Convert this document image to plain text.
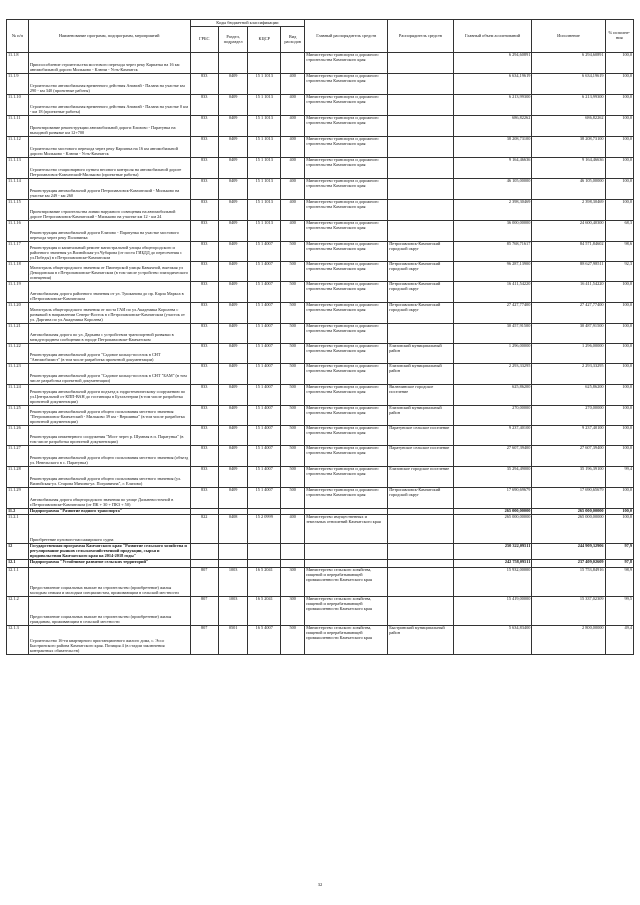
№ п/п	Наименование программ, подпрограмм, мероприятий	Коды бюджетной классификации				Главный распорядитель средств	Распорядитель средств	Главный объем ассигнований	Исполнение	% исполне-ния
		ГРБС	Раздел, подраздел	КЦСР	Вид расходов					
11.1.8	Приспособление строительства мостового перехода через реку Карпатка на 16 км автомобильной дороги Мильково - Ключи - Усть-Камчатск					Министерство транспорта и дорожного строительства Камчатского края		6 294,60891	6 294,60891	100,0
11.1.9	Строительство автомобильная временного действия Анавгай - Палана на участке км 290 - км 340 (проектные работы)	833	0409	15 1 1013	400	Министерство транспорта и дорожного строительства Камчатского края		6 634,19619	6 634,19619	100,0
11.1.10	Строительство автомобильная временного действия Анавгай - Палана на участке 0 км - км 18 (проектные работы)	833	0409	15 1 1013	400	Министерство транспорта и дорожного строительства Камчатского края		6 213,99300	6 213,99300	100,0
11.1.11	Проектирование реконструкции автомобильной дороги Елизово - Паратунка на выходной развязке км 12+700	833	0409	15 1 1013	400	Министерство транспорта и дорожного строительства Камчатского края		686,82262	686,82262	100,0
11.1.12	Строительство мостового перехода через реку Карпатка на 16 км автомобильной дороги Мильково - Ключи - Усть-Камчатск	833	0409	15 1 1013	400	Министерство транспорта и дорожного строительства Камчатского края		38 208,73100	38 208,73100	100,0
11.1.13	Строительство стационарного пункта весового контроля на автомобильной дороге Петропавловск-Камчатский-Мильково (проектные работы)	833	0409	15 1 1013	400	Министерство транспорта и дорожного строительства Камчатского края		9 164,46636	9 164,46636	100,0
11.1.14	Реконструкция автомобильной дороги Петропавловск-Камчатский - Мильково на участке км 249 - км 260	833	0409	15 1 1013	400	Министерство транспорта и дорожного строительства Камчатского края		46 105,00000	46 105,00000	100,0
11.1.15	Проектирование строительства линии наружного освещения на автомобильной дороге Петропавловск-Камчатский - Мильково на участке км 12 - км 24	833	0409	15 1 1013	400	Министерство транспорта и дорожного строительства Камчатского края		2 398,30469	2 398,30469	100,0
11.1.16	Реконструкция автомобильной дороги Елизово - Паратунка на участке мостового перехода через реку Половинка	833	0409	15 1 1013	400	Министерство транспорта и дорожного строительства Камчатского края		36 000,00000	24 600,40300	68,3
11.1.17	Реконструкция и капитальный ремонт магистральной улицы общегородского и районного значения ул.Вилюйская-ул.Чубарова (от поста ГИБДД до пересечения с ул.Победы) в г.Петропавловске-Камчатском	833	0409	15 1 4007	500	Министерство транспорта и дорожного строительства Камчатского края	Петропавловск-Камчатский городской округ	85 768,71617	84 571,84602	98,6
11.1.18	Магистраль общегородского значения от Пионерской улицы Кавычной, выезжая ул Демидовская в г.Петропавловске-Камчатском (в том числе устройство эпизодического освещения)	833	0409	15 1 4007	500	Министерство транспорта и дорожного строительства Камчатского края	Петропавловск-Камчатский городской округ	96 287,13900	88 627,98511	92,3
11.1.19	Автомобильная дорога районного значения от ул. Тушканова до пр. Карла Маркса в г.Петропавловске-Камчатском	833	0409	15 1 4007	500	Министерство транспорта и дорожного строительства Камчатского края	Петропавловск-Камчатский городской округ	16 411,54220	16 411,54220	100,0
11.1.20	Магистраль общегородского значения от поста ГАИ по ул.Академика Королева с развязкой в направлении Северо-Восток в г.Петропавловске-Камчатском (участок от ул. Даргина по ул.Академика Королева)	833	0409	15 1 4007	500	Министерство транспорта и дорожного строительства Камчатского края	Петропавловск-Камчатский городской округ	27 427,77400	27 427,77400	100,0
11.1.21	Автомобильная дорога по ул. Дарьина с устройством транспортной развязки в междугороднем сообщении в городе Петропавловске-Камчатском	833	0409	15 1 4007	500	Министерство транспорта и дорожного строительства Камчатского края		30 457,91500	30 487,91500	100,0
11.1.22	Реконструкция автомобильной дороги "Садовое кольцо-поселок в СНТ "Автомобилист" (в том числе разработка проектной документации)	833	0409	15 1 4007	500	Министерство транспорта и дорожного строительства Камчатского края	Елизовский муниципальный район	1 296,00000	1 296,00000	100,0
11.1.23	Реконструкция автомобильной дороги "Садовое кольцо-поселок в СНТ "БАМ" (в том числе разработка проектной документации)	833	0409	15 1 4007	500	Министерство транспорта и дорожного строительства Камчатского края	Елизовский муниципальный район	2 293,33295	2 293,33295	100,0
11.1.24	Реконструкция автомобильной дороги подъезд к гидротехническому сооружению по ул.Центральной от КПП-ВАН до гостиницы в Бухгалтерии (в том числе разработка проектной документации)	833	0409	15 1 4007	500	Министерство транспорта и дорожного строительства Камчатского края	Вилючинское городское поселение	625,86200	625,86200	100,0
11.1.25	Реконструкция автомобильной дороги общего пользования местного значения "Петропавловск-Камчатский - Мильково 39 км - Вершинка" (в том числе разработка проектной документации)	833	0409	15 1 4007	500	Министерство транспорта и дорожного строительства Камчатского края	Елизовский муниципальный район	270,00000	270,00000	100,0
11.1.26	Реконструкция инженерного сооружения "Мост через р. Шумная в п. Паратунка" (в том числе разработка проектной документации)	833	0409	15 1 4007	500	Министерство транспорта и дорожного строительства Камчатского края	Паратунское сельское поселение	9 237,40100	9 237,40100	100,0
11.1.27	Реконструкция автомобильной дороги общего пользования местного значения (объезд ул. Невельского в с. Паратунка)	833	0409	15 1 4007	500	Министерство транспорта и дорожного строительства Камчатского края	Паратунское сельское поселение	27 607,39400	27 607,39400	100,0
11.1.28	Реконструкция автомобильной дороги общего пользования местного значения (ул. Вилюйская-ул. Старова Мичина-ул. Погранична", г. Елизово)	833	0409	15 1 4007	500	Министерство транспорта и дорожного строительства Камчатского края	Елизовское городское поселение	35 294,49000	35 196,39100	99,4
11.1.29	Автомобильная дорога общегородского значения по улице Дальневосточной в г.Петропавловске-Камчатском (от ПК + 30 + ПК3 + 50)	833	0409	15 1 4007	500	Министерство транспорта и дорожного строительства Камчатского края	Петропавловск-Камчатский городской округ	17 690,69679	17 690,65679	100,0
11.2	Подпрограмма "Развитие водного транспорта"							265 000,00000	265 000,00000	100,0
11.2.1	Приобретение пулового-пассажирского судна	822	0408	15 2 0999	400	Министерство имущественных и земельных отношений Камчатского края		265 000,00000	265 000,00000	100,0
12	Государственная программа Камчатского края "Развитие сельского хозяйства и регулирование рынков сельскохозяйственной продукции, сырья и продовольствия Камчатского края на 2014-2018 годы"							250 322,09511	244 909,32906	97,9
12.1	Подпрограмма "Устойчивое развитие сельских территорий"							242 758,09511	237 409,02609	97,8
12.1.1	Предоставление социальных выплат на строительство (приобретение) жилья молодым семьям и молодым специалистам, проживающим в сельской местности	807	1003	16 5 2041	300	Министерство сельского хозяйства, пищевой и перерабатывающей промышленности Камчатского края		15 932,00000	15 753,84916	98,9
12.1.2	Предоставление социальных выплат на строительство (приобретение) жилья гражданам, проживающим в сельской местности	807	1003	16 5 2041	300	Министерство сельского хозяйства, пищевой и перерабатывающей промышленности Камчатского края		15 419,00000	15 337,02309	99,5
12.1.3	Строительство 16-ти квартирного пристанционного жилого дома, с. Эссо Быстринского района Камчатского края. Позиция 4 (в стадии заключения контрактных обязательств)	807	0501	16 5 4007	500	Министерство сельского хозяйства, пищевой и перерабатывающей промышленности Камчатского края	Быстринский муниципальный район	5 634,83400	2 800,00000	49,4
32
